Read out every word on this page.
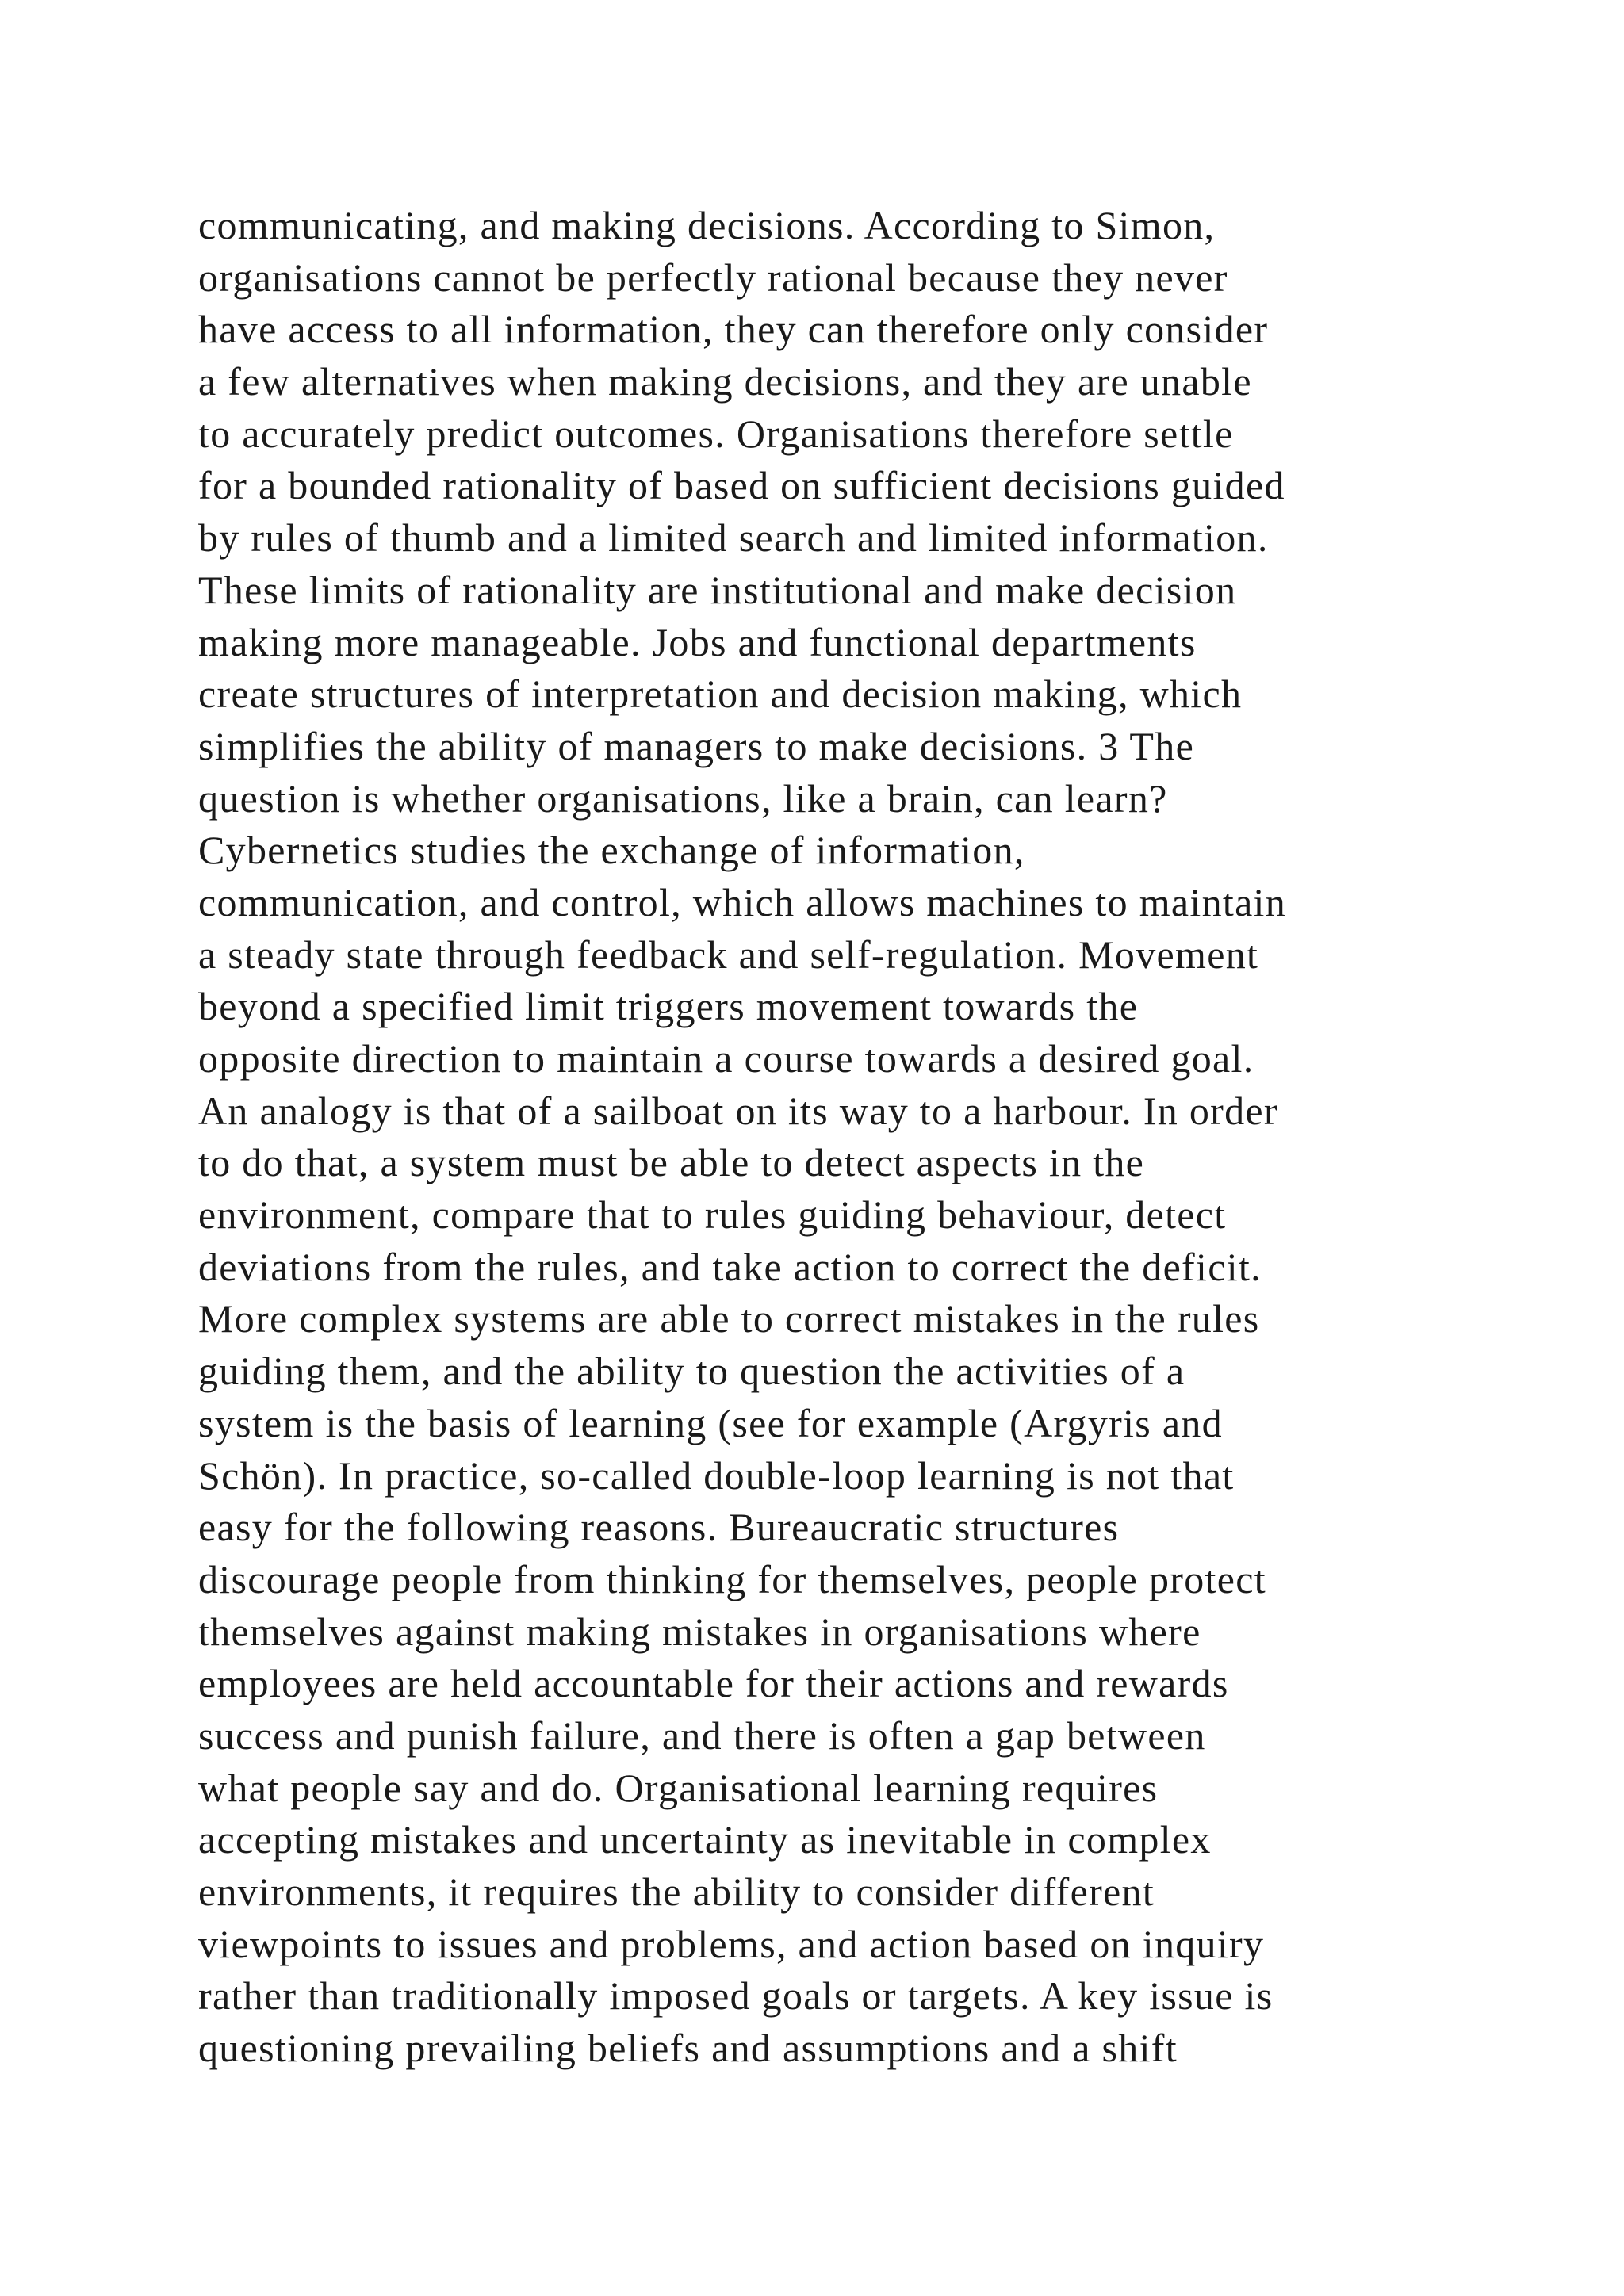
communicating, and making decisions. According to Simon,
organisations cannot be perfectly rational because they never
have access to all information, they can therefore only consider
a few alternatives when making decisions, and they are unable
to accurately predict outcomes. Organisations therefore settle
for a bounded rationality of based on sufficient decisions guided
by rules of thumb and a limited search and limited information.
These limits of rationality are institutional and make decision
making more manageable. Jobs and functional departments
create structures of interpretation and decision making, which
simplifies the ability of managers to make decisions. 3 The
question is whether organisations, like a brain, can learn?
Cybernetics studies the exchange of information,
communication, and control, which allows machines to maintain
a steady state through feedback and self-regulation. Movement
beyond a specified limit triggers movement towards the
opposite direction to maintain a course towards a desired goal.
An analogy is that of a sailboat on its way to a harbour. In order
to do that, a system must be able to detect aspects in the
environment, compare that to rules guiding behaviour, detect
deviations from the rules, and take action to correct the deficit.
More complex systems are able to correct mistakes in the rules
guiding them, and the ability to question the activities of a
system is the basis of learning (see for example (Argyris and
Schön). In practice, so-called double-loop learning is not that
easy for the following reasons. Bureaucratic structures
discourage people from thinking for themselves, people protect
themselves against making mistakes in organisations where
employees are held accountable for their actions and rewards
success and punish failure, and there is often a gap between
what people say and do. Organisational learning requires
accepting mistakes and uncertainty as inevitable in complex
environments, it requires the ability to consider different
viewpoints to issues and problems, and action based on inquiry
rather than traditionally imposed goals or targets. A key issue is
questioning prevailing beliefs and assumptions and a shift
